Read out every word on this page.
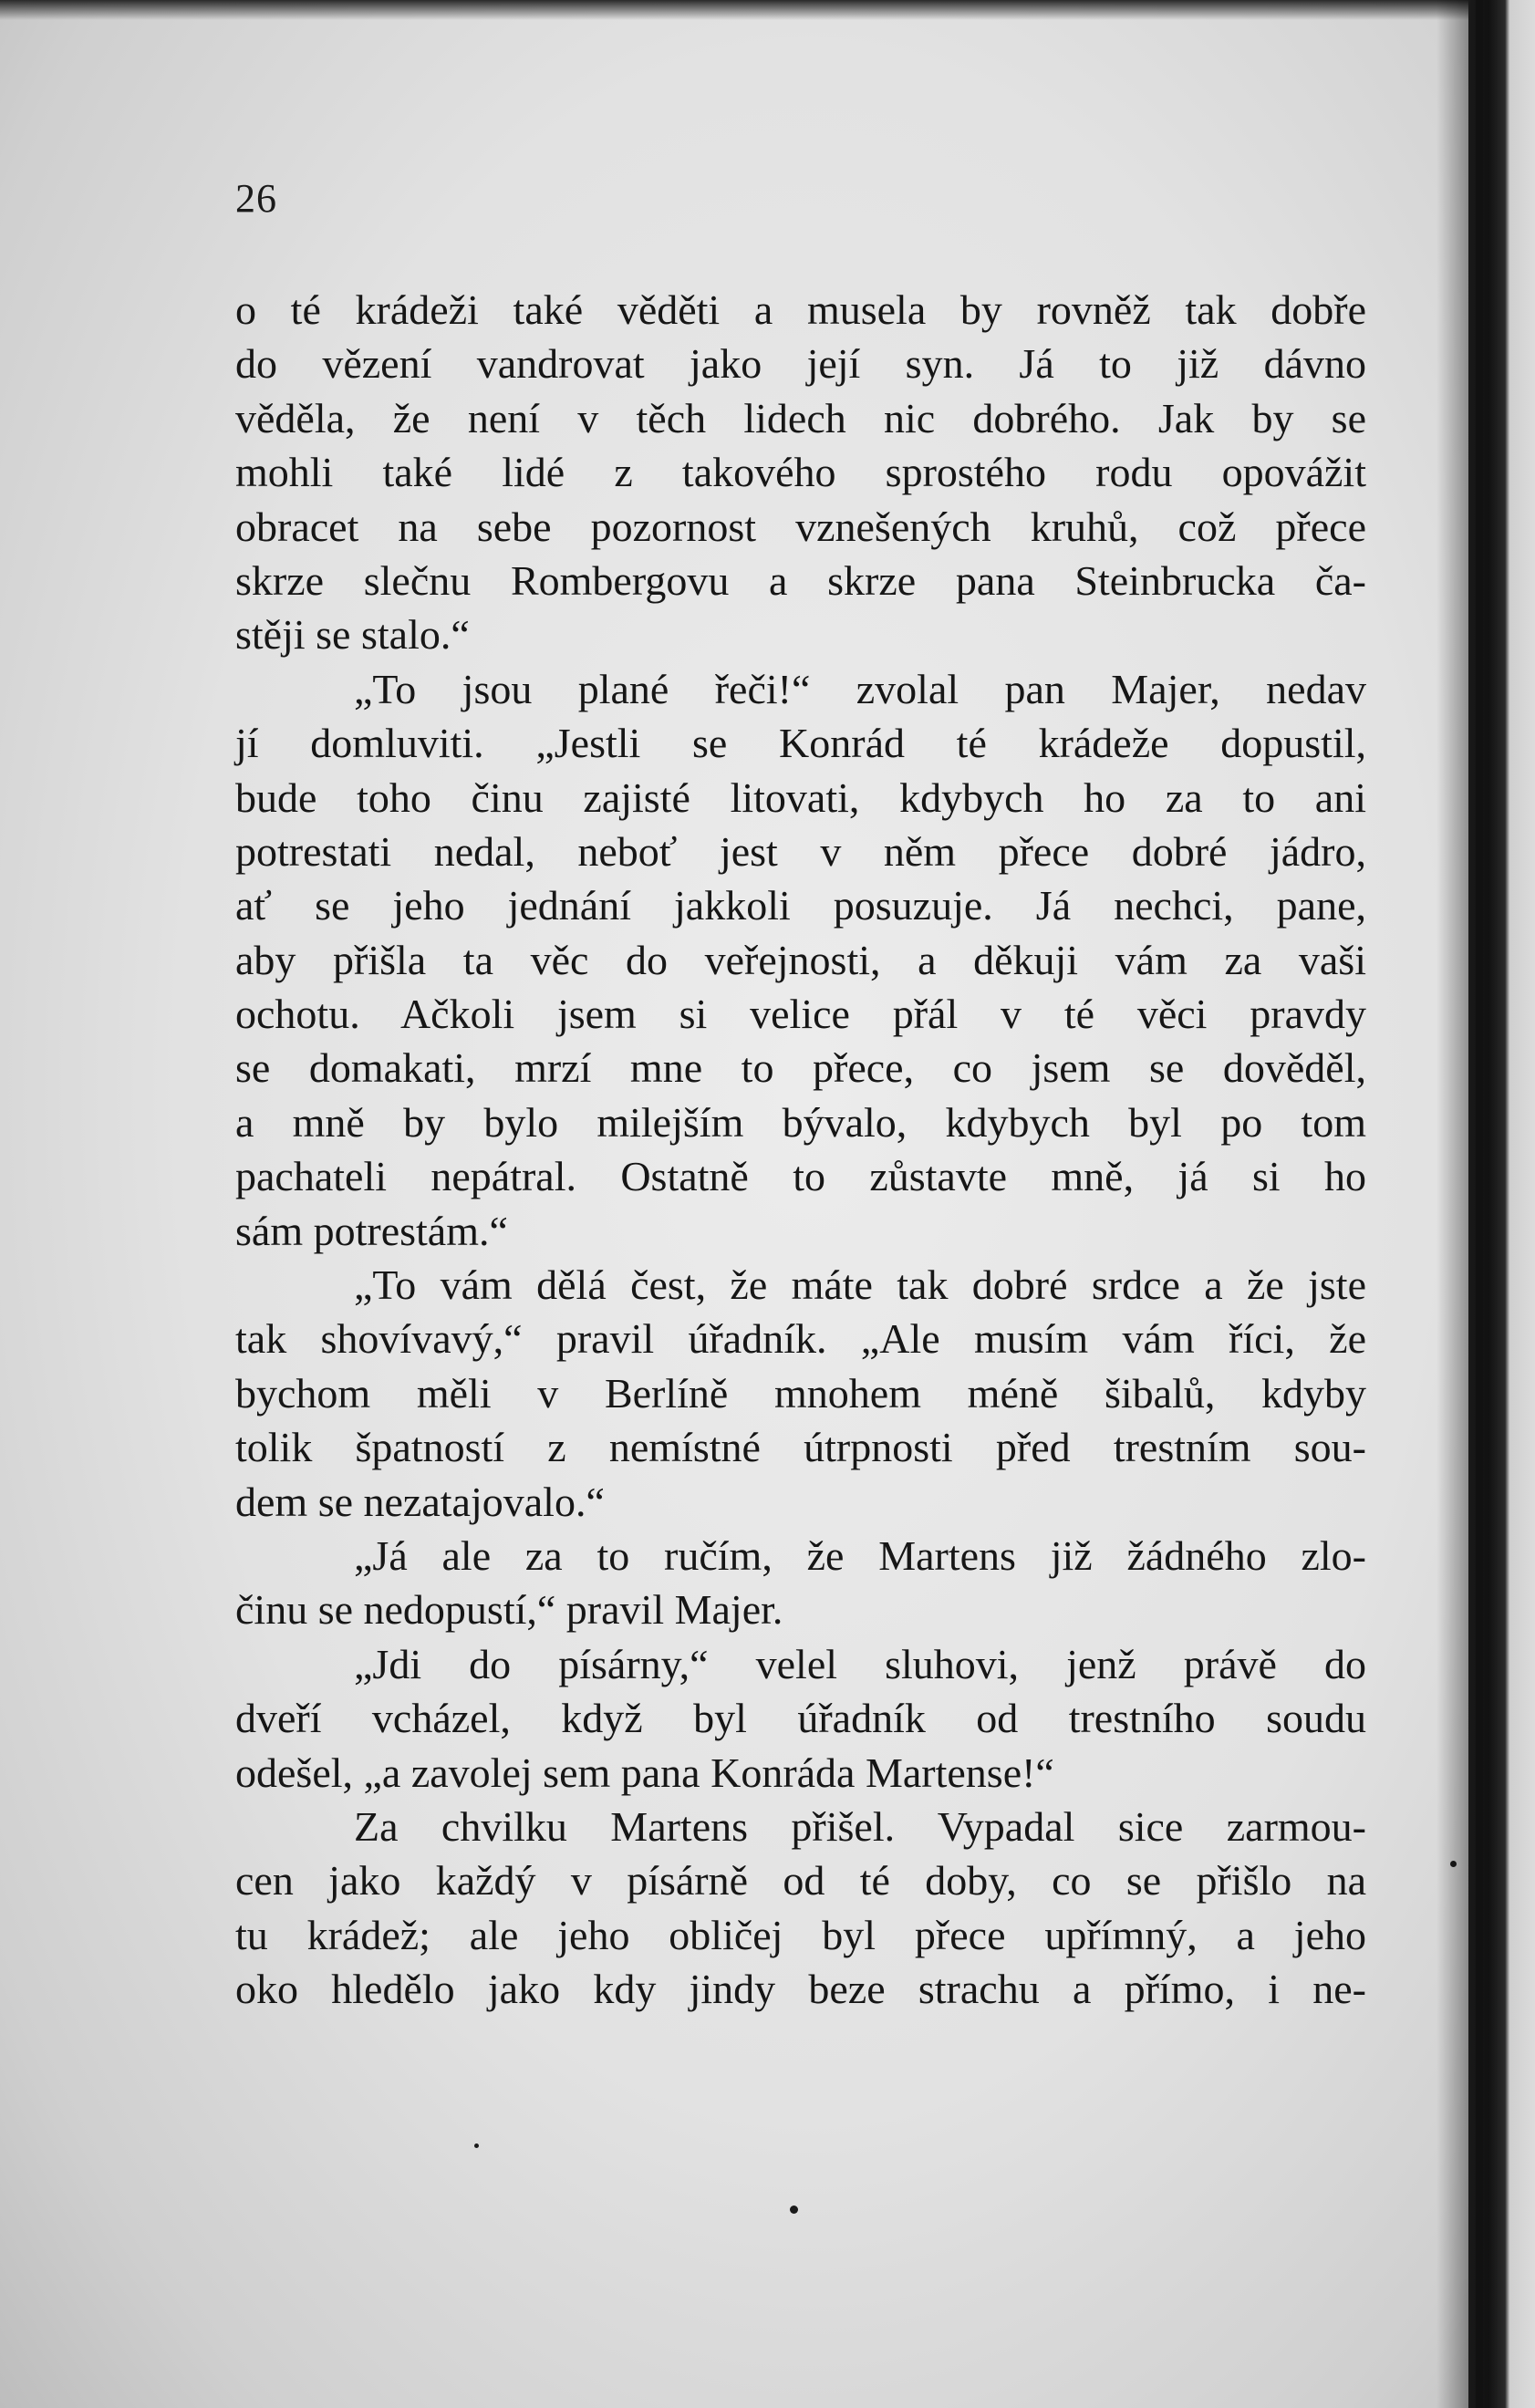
26
o té krádeži také věděti a musela by rovněž tak dobře
do vězení vandrovat jako její syn. Já to již dávno
věděla, že není v těch lidech nic dobrého. Jak by se
mohli také lidé z takového sprostého rodu opovážit
obracet na sebe pozornost vznešených kruhů, což přece
skrze slečnu Rombergovu a skrze pana Steinbrucka ča-
stěji se stalo.“
„To jsou plané řeči!“ zvolal pan Majer, nedav
jí domluviti. „Jestli se Konrád té krádeže dopustil,
bude toho činu zajisté litovati, kdybych ho za to ani
potrestati nedal, neboť jest v něm přece dobré jádro,
ať se jeho jednání jakkoli posuzuje. Já nechci, pane,
aby přišla ta věc do veřejnosti, a děkuji vám za vaši
ochotu. Ačkoli jsem si velice přál v té věci pravdy
se domakati, mrzí mne to přece, co jsem se dověděl,
a mně by bylo milejším bývalo, kdybych byl po tom
pachateli nepátral. Ostatně to zůstavte mně, já si ho
sám potrestám.“
„To vám dělá čest, že máte tak dobré srdce a že jste
tak shovívavý,“ pravil úřadník. „Ale musím vám říci, že
bychom měli v Berlíně mnohem méně šibalů, kdyby
tolik špatností z nemístné útrpnosti před trestním sou-
dem se nezatajovalo.“
„Já ale za to ručím, že Martens již žádného zlo-
činu se nedopustí,“ pravil Majer.
„Jdi do písárny,“ velel sluhovi, jenž právě do
dveří vcházel, když byl úřadník od trestního soudu
odešel, „a zavolej sem pana Konráda Martense!“
Za chvilku Martens přišel. Vypadal sice zarmou-
cen jako každý v písárně od té doby, co se přišlo na
tu krádež; ale jeho obličej byl přece upřímný, a jeho
oko hledělo jako kdy jindy beze strachu a přímo, i ne-
